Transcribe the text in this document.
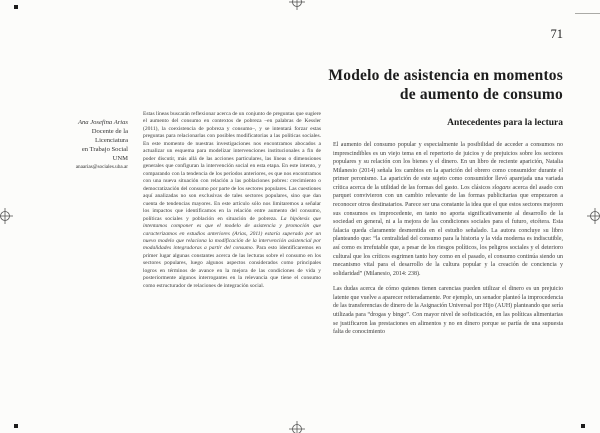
71
Modelo de asistencia en momentos
de aumento de consumo
Ana Josefina Arias
Docente de la
Licenciatura
en Trabajo Social
UNM
anaarias@sociales.uba.ar

Estas líneas buscarán reflexionar acerca de un conjunto de preguntas que sugiere el aumento del consumo en contextos de pobreza –en palabras de Kessler (2011), la coexistencia de pobreza y consumo–, y se intentará forzar estas preguntas para relacionarlas con posibles modificatorias a las políticas sociales. En este momento de nuestras investigaciones nos encontramos abocados a actualizar un esquema para modelizar intervenciones institucionales a fin de poder discutir, más allá de las acciones particulares, las líneas o dimensiones generales que configuran la intervención social en esta etapa. En este intento, y comparando con la tendencia de los períodos anteriores, es que nos encontramos con una nueva situación con relación a las poblaciones pobres: crecimiento o democratización del consumo por parte de los sectores populares. Las cuestiones aquí analizadas no son exclusivas de tales sectores populares, sino que dan cuenta de tendencias mayores. En este artículo sólo nos limitaremos a señalar los impactos que identificamos en la relación entre aumento del consumo, políticas sociales y población en situación de pobreza. La hipótesis que intentamos componer es que el modelo de asistencia y promoción que caracterizamos en estudios anteriores (Arias, 2011) estaría superado por un nuevo modelo que relaciona la modificación de la intervención asistencial por modalidades integradoras a partir del consumo. Para esto identificaremos en primer lugar algunas constantes acerca de las lecturas sobre el consumo en los sectores populares, luego algunos aspectos considerados como principales logros en términos de avance en la mejora de las condiciones de vida y posteriormente algunos interrogantes en la relevancia que tiene el consumo como estructurador de relaciones de integración social.

Antecedentes para la lectura

El aumento del consumo popular y especialmente la posibilidad de acceder a consumos no imprescindibles es un viejo tema en el repertorio de juicios y de prejuicios sobre los sectores populares y su relación con los bienes y el dinero. En un libro de reciente aparición, Natalia Milanesio (2014) señala los cambios en la aparición del obrero como consumidor durante el primer peronismo. La aparición de este sujeto como consumidor llevó aparejada una variada crítica acerca de la utilidad de las formas del gasto. Los clásicos slogans acerca del asado con parquet convivieron con un cambio relevante de las formas publicitarias que empezaron a reconocer otros destinatarios. Parece ser una constante la idea que el que estos sectores mejoren sus consumos es improcedente, en tanto no aporta significativamente al desarrollo de la sociedad en general, ni a la mejora de las condiciones sociales para el futuro, etcétera. Esta falacia queda claramente desmentida en el estudio señalado. La autora concluye su libro planteando que: “la centralidad del consumo para la historia y la vida moderna es indiscutible, así como es irrefutable que, a pesar de los riesgos políticos, los peligros sociales y el deterioro cultural que los críticos esgrimen tanto hoy como en el pasado, el consumo continúa siendo un mecanismo vital para el desarrollo de la cultura popular y la creación de conciencia y solidaridad” (Milanesio, 2014: 238).

Las dudas acerca de cómo quienes tienen carencias pueden utilizar el dinero es un prejuicio latente que vuelve a aparecer reiteradamente. Por ejemplo, un senador planteó la improcedencia de las transferencias de dinero de la Asignación Universal por Hijo (AUH) planteando que sería utilizada para “drogas y bingo”. Con mayor nivel de sofisticación, en las políticas alimentarias se justificaron las prestaciones en alimentos y no en dinero porque se partía de una supuesta falta de conocimiento
